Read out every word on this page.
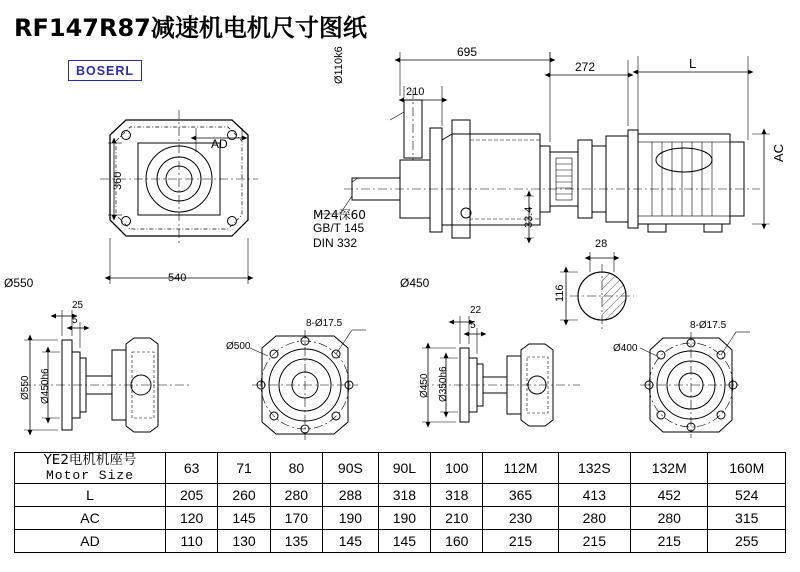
RF147R87减速机电机尺寸图纸
BOSERL
695
272	L
210
Ø110k6
AC
AD
360
540
M24深60
GB/T 145
DIN 332
33.4
28
116
Ø550	Ø450
Ø550 Ø450h6
25
5
Ø500
8-Ø17.5
Ø450 Ø350h6
22
5
Ø400
8-Ø17.5
YE2电机机座号
Motor Size	63	71	80	90S	90L	100	112M	132S	132M	160M
L	205	260	280	288	318	318	365	413	452	524
AC	120	145	170	190	190	210	230	280	280	315
AD	110	130	135	145	145	160	215	215	215	255
